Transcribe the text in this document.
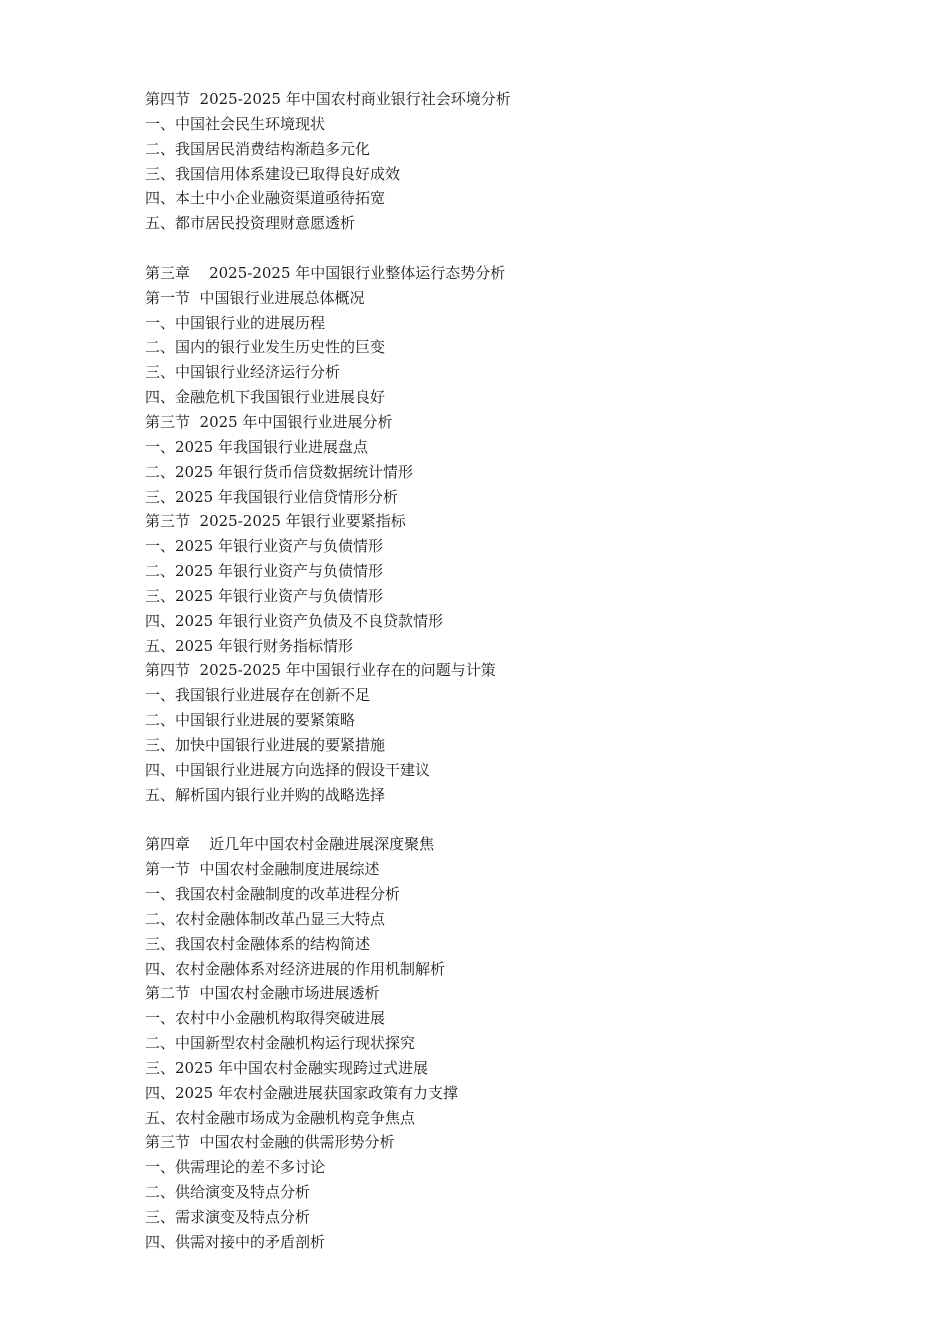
第四节  2025-2025 年中国农村商业银行社会环境分析
一、中国社会民生环境现状
二、我国居民消费结构渐趋多元化
三、我国信用体系建设已取得良好成效
四、本土中小企业融资渠道亟待拓宽
五、都市居民投资理财意愿透析
第三章    2025-2025 年中国银行业整体运行态势分析
第一节  中国银行业进展总体概况
一、中国银行业的进展历程
二、国内的银行业发生历史性的巨变
三、中国银行业经济运行分析
四、金融危机下我国银行业进展良好
第三节  2025 年中国银行业进展分析
一、2025 年我国银行业进展盘点
二、2025 年银行货币信贷数据统计情形
三、2025 年我国银行业信贷情形分析
第三节  2025-2025 年银行业要紧指标
一、2025 年银行业资产与负债情形
二、2025 年银行业资产与负债情形
三、2025 年银行业资产与负债情形
四、2025 年银行业资产负债及不良贷款情形
五、2025 年银行财务指标情形
第四节  2025-2025 年中国银行业存在的问题与计策
一、我国银行业进展存在创新不足
二、中国银行业进展的要紧策略
三、加快中国银行业进展的要紧措施
四、中国银行业进展方向选择的假设干建议
五、解析国内银行业并购的战略选择
第四章    近几年中国农村金融进展深度聚焦
第一节  中国农村金融制度进展综述
一、我国农村金融制度的改革进程分析
二、农村金融体制改革凸显三大特点
三、我国农村金融体系的结构简述
四、农村金融体系对经济进展的作用机制解析
第二节  中国农村金融市场进展透析
一、农村中小金融机构取得突破进展
二、中国新型农村金融机构运行现状探究
三、2025 年中国农村金融实现跨过式进展
四、2025 年农村金融进展获国家政策有力支撑
五、农村金融市场成为金融机构竞争焦点
第三节  中国农村金融的供需形势分析
一、供需理论的差不多讨论
二、供给演变及特点分析
三、需求演变及特点分析
四、供需对接中的矛盾剖析
